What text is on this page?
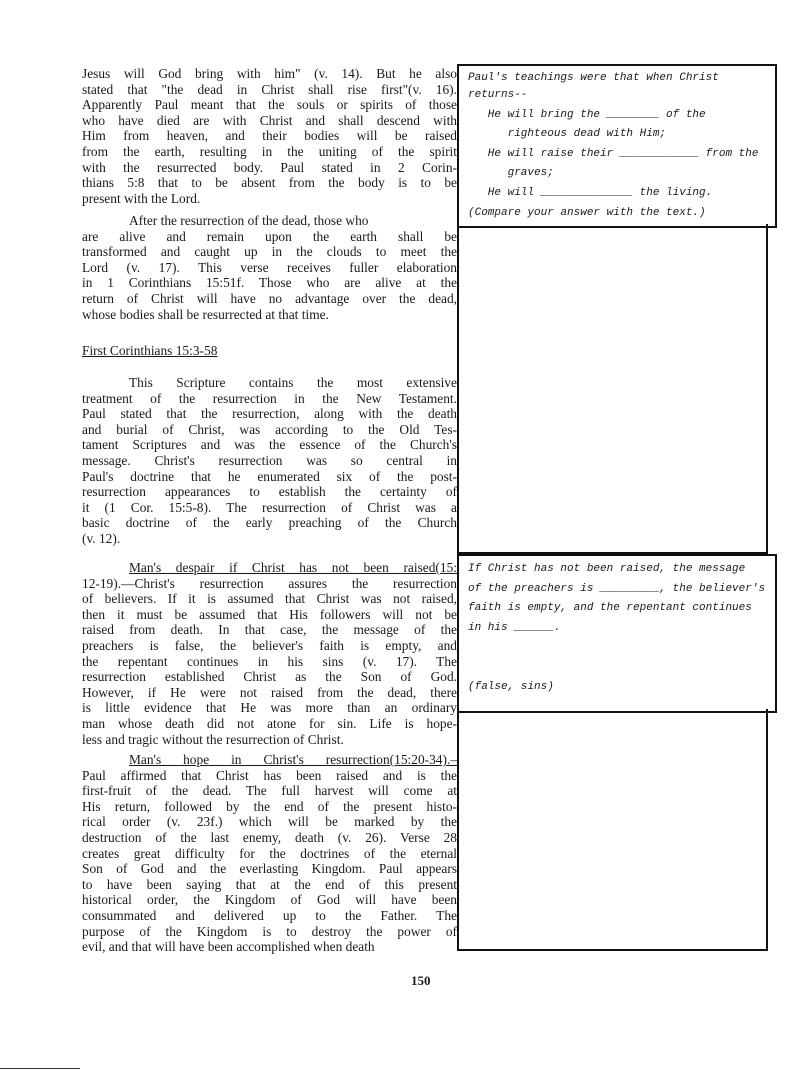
Jesus will God bring with him" (v. 14). But he also
stated that "the dead in Christ shall rise first"(v. 16).
Apparently Paul meant that the souls or spirits of those
who have died are with Christ and shall descend with
Him from heaven, and their bodies will be raised
from the earth, resulting in the uniting of the spirit
with the resurrected body. Paul stated in 2 Corin-
thians 5:8 that to be absent from the body is to be
present with the Lord.
After the resurrection of the dead, those who
are alive and remain upon the earth shall be
transformed and caught up in the clouds to meet the
Lord (v. 17). This verse receives fuller elaboration
in 1 Corinthians 15:51f. Those who are alive at the
return of Christ will have no advantage over the dead,
whose bodies shall be resurrected at that time.
First Corinthians 15:3-58
This Scripture contains the most extensive
treatment of the resurrection in the New Testament.
Paul stated that the resurrection, along with the death
and burial of Christ, was according to the Old Tes-
tament Scriptures and was the essence of the Church's
message. Christ's resurrection was so central in
Paul's doctrine that he enumerated six of the post-
resurrection appearances to establish the certainty of
it (1 Cor. 15:5-8). The resurrection of Christ was a
basic doctrine of the early preaching of the Church
(v. 12).
Man's despair if Christ has not been raised(15:
12-19).—Christ's resurrection assures the resurrection
of believers. If it is assumed that Christ was not raised,
then it must be assumed that His followers will not be
raised from death. In that case, the message of the
preachers is false, the believer's faith is empty, and
the repentant continues in his sins (v. 17). The
resurrection established Christ as the Son of God.
However, if He were not raised from the dead, there
is little evidence that He was more than an ordinary
man whose death did not atone for sin. Life is hope-
less and tragic without the resurrection of Christ.
Man's hope in Christ's resurrection(15:20-34).–
Paul affirmed that Christ has been raised and is the
first-fruit of the dead. The full harvest will come at
His return, followed by the end of the present histo-
rical order (v. 23f.) which will be marked by the
destruction of the last enemy, death (v. 26). Verse 28
creates great difficulty for the doctrines of the eternal
Son of God and the everlasting Kingdom. Paul appears
to have been saying that at the end of this present
historical order, the Kingdom of God will have been
consummated and delivered up to the Father. The
purpose of the Kingdom is to destroy the power of
evil, and that will have been accomplished when death
Paul's teachings were that when Christ
returns--
He will bring the ________ of the
righteous dead with Him;
He will raise their ____________ from the
graves;
He will ______________ the living.
(Compare your answer with the text.)
If Christ has not been raised, the message
of the preachers is _________, the believer's
faith is empty, and the repentant continues
in his ______.
(false, sins)
150
